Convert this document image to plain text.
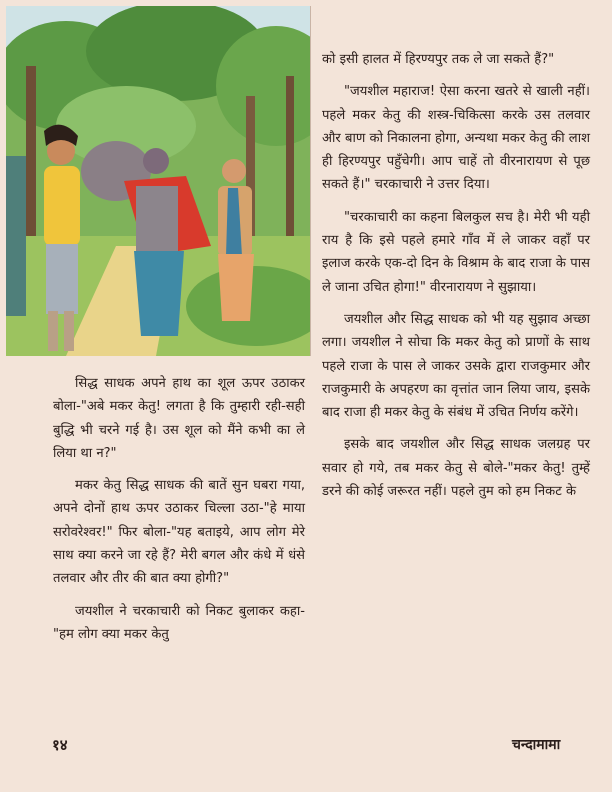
को इसी हालत में हिरण्यपुर तक ले जा सकते हैं?"

"जयशील महाराज! ऐसा करना खतरे से खाली नहीं। पहले मकर केतु की शस्त्र-चिकित्सा करके उस तलवार और बाण को निकालना होगा, अन्यथा मकर केतु की लाश ही हिरण्यपुर पहुँचेगी। आप चाहें तो वीरनारायण से पूछ सकते हैं।" चरकाचारी ने उत्तर दिया।

"चरकाचारी का कहना बिलकुल सच है। मेरी भी यही राय है कि इसे पहले हमारे गाँव में ले जाकर वहाँ पर इलाज करके एक-दो दिन के विश्राम के बाद राजा के पास ले जाना उचित होगा!" वीरनारायण ने सुझाया।

जयशील और सिद्ध साधक को भी यह सुझाव अच्छा लगा। जयशील ने सोचा कि मकर केतु को प्राणों के साथ पहले राजा के पास ले जाकर उसके द्वारा राजकुमार और राजकुमारी के अपहरण का वृत्तांत जान लिया जाय, इसके बाद राजा ही मकर केतु के संबंध में उचित निर्णय करेंगे।

इसके बाद जयशील और सिद्ध साधक जलग्रह पर सवार हो गये, तब मकर केतु से बोले-"मकर केतु! तुम्हें डरने की कोई जरूरत नहीं। पहले तुम को हम निकट के

सिद्ध साधक अपने हाथ का शूल ऊपर उठाकर बोला-"अबे मकर केतु! लगता है कि तुम्हारी रही-सही बुद्धि भी चरने गई है। उस शूल को मैंने कभी का ले लिया था न?"

मकर केतु सिद्ध साधक की बातें सुन घबरा गया, अपने दोनों हाथ ऊपर उठाकर चिल्ला उठा-"हे माया सरोवरेश्वर!" फिर बोला-"यह बताइये, आप लोग मेरे साथ क्या करने जा रहे हैं? मेरी बगल और कंधे में धंसे तलवार और तीर की बात क्या होगी?"

जयशील ने चरकाचारी को निकट बुलाकर कहा-"हम लोग क्या मकर केतु

१४	चन्दामामा
